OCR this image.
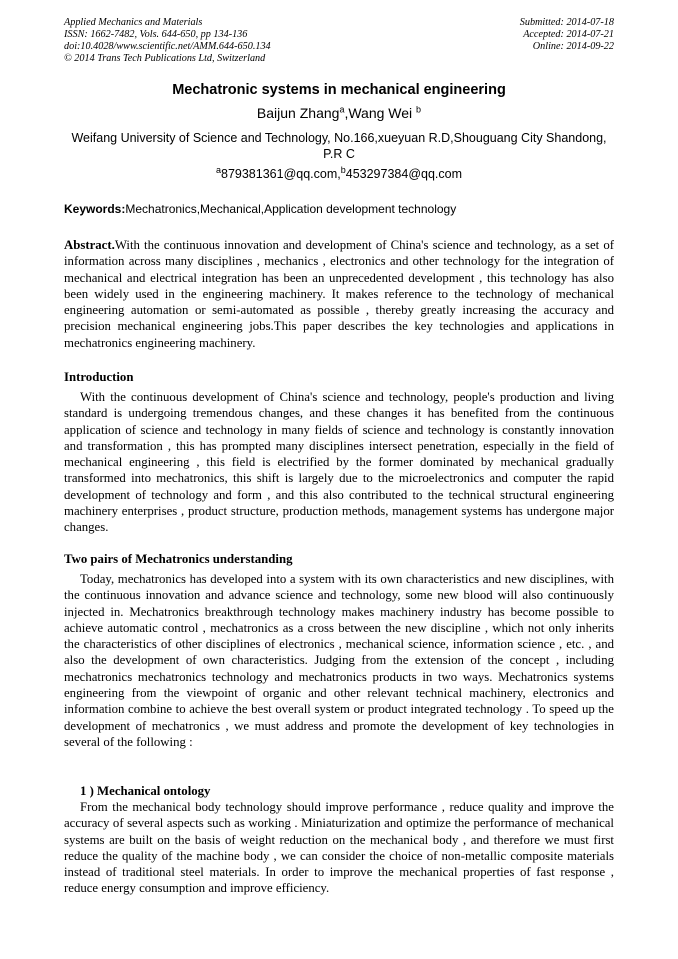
Applied Mechanics and Materials
ISSN: 1662-7482, Vols. 644-650, pp 134-136
doi:10.4028/www.scientific.net/AMM.644-650.134
© 2014 Trans Tech Publications Ltd, Switzerland
Submitted: 2014-07-18
Accepted: 2014-07-21
Online: 2014-09-22
Mechatronic systems in mechanical engineering
Baijun Zhang$^a$,Wang Wei $^b$
Weifang University of Science and Technology, No.166,xueyuan R.D,Shouguang City Shandong, P.R C
$^a$879381361@qq.com,$^b$453297384@qq.com
Keywords:Mechatronics,Mechanical,Application development technology
Abstract.With the continuous innovation and development of China's science and technology, as a set of information across many disciplines , mechanics , electronics and other technology for the integration of mechanical and electrical integration has been an unprecedented development , this technology has also been widely used in the engineering machinery. It makes reference to the technology of mechanical engineering automation or semi-automated as possible , thereby greatly increasing the accuracy and precision mechanical engineering jobs.This paper describes the key technologies and applications in mechatronics engineering machinery.
Introduction
With the continuous development of China's science and technology, people's production and living standard is undergoing tremendous changes, and these changes it has benefited from the continuous application of science and technology in many fields of science and technology is constantly innovation and transformation , this has prompted many disciplines intersect penetration, especially in the field of mechanical engineering , this field is electrified by the former dominated by mechanical gradually transformed into mechatronics, this shift is largely due to the microelectronics and computer the rapid development of technology and form , and this also contributed to the technical structural engineering machinery enterprises , product structure, production methods, management systems has undergone major changes.
Two pairs of Mechatronics understanding
Today, mechatronics has developed into a system with its own characteristics and new disciplines, with the continuous innovation and advance science and technology, some new blood will also continuously injected in. Mechatronics breakthrough technology makes machinery industry has become possible to achieve automatic control , mechatronics as a cross between the new discipline , which not only inherits the characteristics of other disciplines of electronics , mechanical science, information science , etc. , and also the development of own characteristics. Judging from the extension of the concept , including mechatronics mechatronics technology and mechatronics products in two ways. Mechatronics systems engineering from the viewpoint of organic and other relevant technical machinery, electronics and information combine to achieve the best overall system or product integrated technology . To speed up the development of mechatronics , we must address and promote the development of key technologies in several of the following :
1 ) Mechanical ontology
From the mechanical body technology should improve performance , reduce quality and improve the accuracy of several aspects such as working . Miniaturization and optimize the performance of mechanical systems are built on the basis of weight reduction on the mechanical body , and therefore we must first reduce the quality of the machine body , we can consider the choice of non-metallic composite materials instead of traditional steel materials. In order to improve the mechanical properties of fast response , reduce energy consumption and improve efficiency.
